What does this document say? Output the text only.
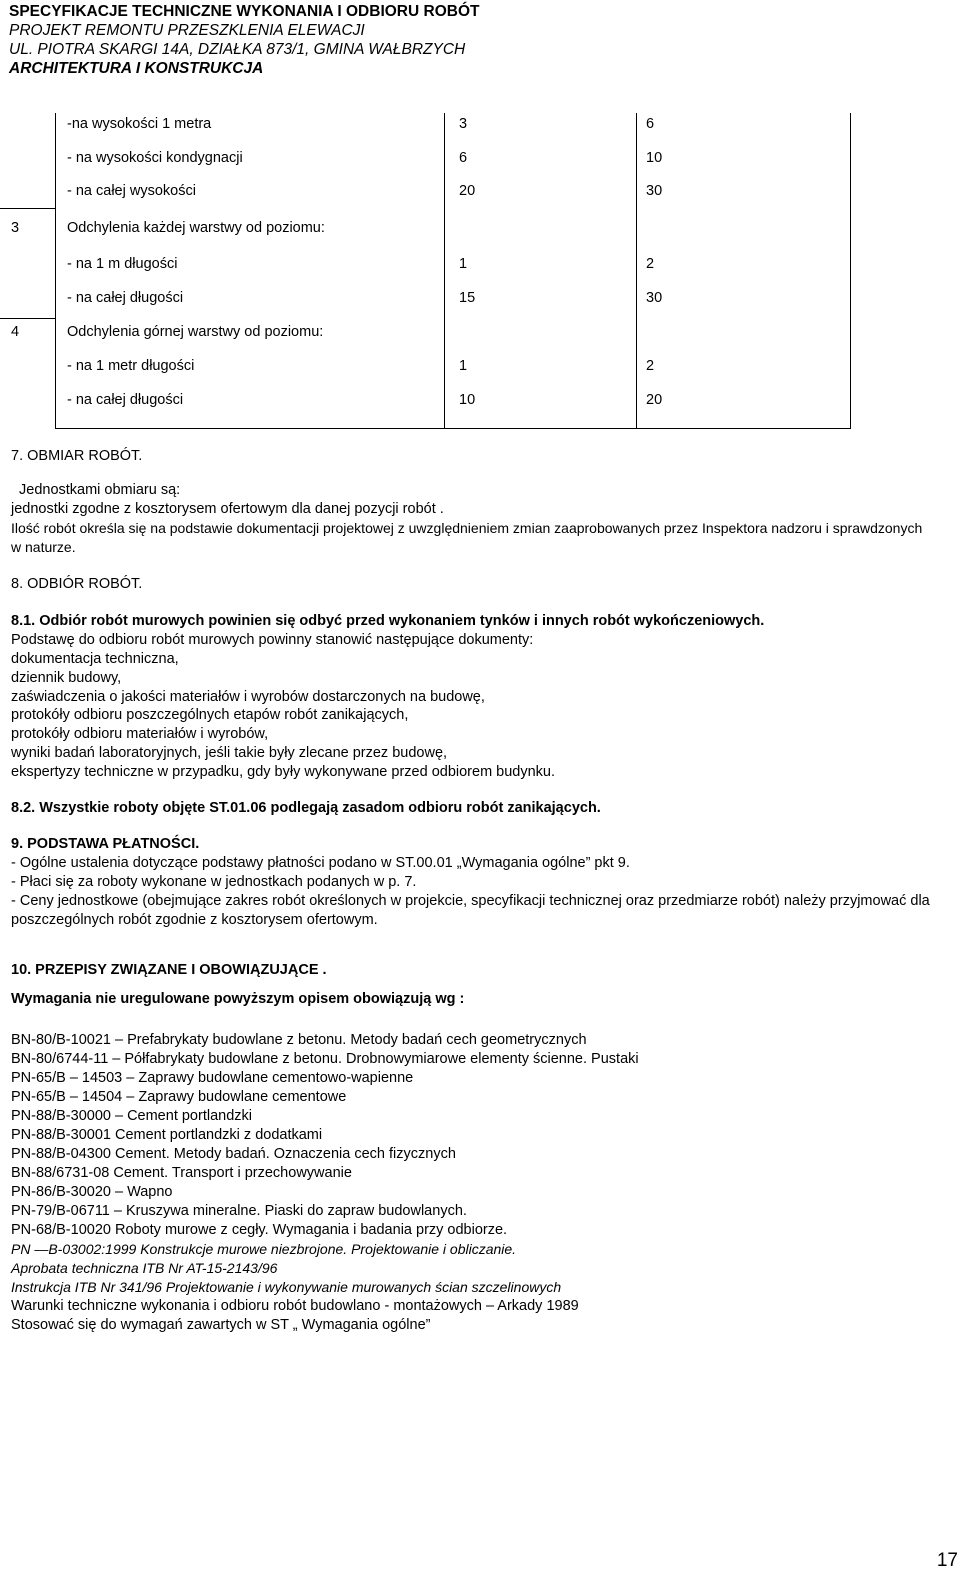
SPECYFIKACJE TECHNICZNE WYKONANIA I ODBIORU ROBÓT
PROJEKT REMONTU PRZESZKLENIA ELEWACJI
UL. PIOTRA SKARGI 14A, DZIAŁKA 873/1, GMINA WAŁBRZYCH
ARCHITEKTURA I KONSTRUKCJA
-na wysokości 1 metra	3	6
- na wysokości kondygnacji	6	10
- na całej wysokości	20	30
3	Odchylenia każdej warstwy od poziomu:
- na 1 m długości	1	2
- na całej długości	15	30
4	Odchylenia górnej warstwy od poziomu:
- na 1 metr długości	1	2
- na całej długości	10	20
7. OBMIAR ROBÓT.
Jednostkami obmiaru są:
jednostki zgodne z kosztorysem ofertowym dla danej pozycji robót .
Ilość robót określa się na podstawie dokumentacji projektowej z uwzględnieniem zmian zaaprobowanych przez Inspektora nadzoru i sprawdzonych w naturze.
8. ODBIÓR ROBÓT.
8.1. Odbiór robót murowych powinien się odbyć przed wykonaniem tynków i innych robót wykończeniowych.
Podstawę do odbioru robót murowych powinny stanowić następujące dokumenty:
dokumentacja techniczna,
dziennik budowy,
zaświadczenia o jakości materiałów i wyrobów dostarczonych na budowę,
protokóły odbioru poszczególnych etapów robót zanikających,
protokóły odbioru materiałów i wyrobów,
wyniki badań laboratoryjnych, jeśli takie były zlecane przez budowę,
ekspertyzy techniczne w przypadku, gdy były wykonywane przed odbiorem budynku.
8.2. Wszystkie roboty objęte ST.01.06 podlegają zasadom odbioru robót zanikających.
9. PODSTAWA PŁATNOŚCI.
- Ogólne ustalenia dotyczące podstawy płatności podano w ST.00.01 „Wymagania ogólne” pkt 9.
- Płaci się za roboty wykonane w jednostkach podanych w p. 7.
- Ceny jednostkowe (obejmujące zakres robót określonych w projekcie, specyfikacji technicznej oraz przedmiarze robót) należy przyjmować dla poszczególnych robót zgodnie z kosztorysem ofertowym.
10. PRZEPISY ZWIĄZANE I OBOWIĄZUJĄCE .
Wymagania nie uregulowane powyższym opisem obowiązują wg :
BN-80/B-10021 – Prefabrykaty budowlane z betonu. Metody badań cech geometrycznych
BN-80/6744-11 – Półfabrykaty budowlane z betonu. Drobnowymiarowe elementy ścienne. Pustaki
PN-65/B – 14503 – Zaprawy budowlane cementowo-wapienne
PN-65/B – 14504 – Zaprawy budowlane cementowe
PN-88/B-30000 – Cement portlandzki
PN-88/B-30001 Cement portlandzki z dodatkami
PN-88/B-04300 Cement. Metody badań. Oznaczenia cech fizycznych
BN-88/6731-08 Cement. Transport i przechowywanie
PN-86/B-30020 – Wapno
PN-79/B-06711 – Kruszywa mineralne. Piaski do zapraw budowlanych.
PN-68/B-10020 Roboty murowe z cegły. Wymagania i badania przy odbiorze.
PN —B-03002:1999 Konstrukcje murowe niezbrojone. Projektowanie i obliczanie.
Aprobata techniczna ITB Nr AT-15-2143/96
Instrukcja ITB Nr 341/96 Projektowanie i wykonywanie murowanych ścian szczelinowych
Warunki techniczne wykonania i odbioru robót budowlano - montażowych – Arkady 1989
Stosować się do wymagań zawartych w ST „ Wymagania ogólne”
17
